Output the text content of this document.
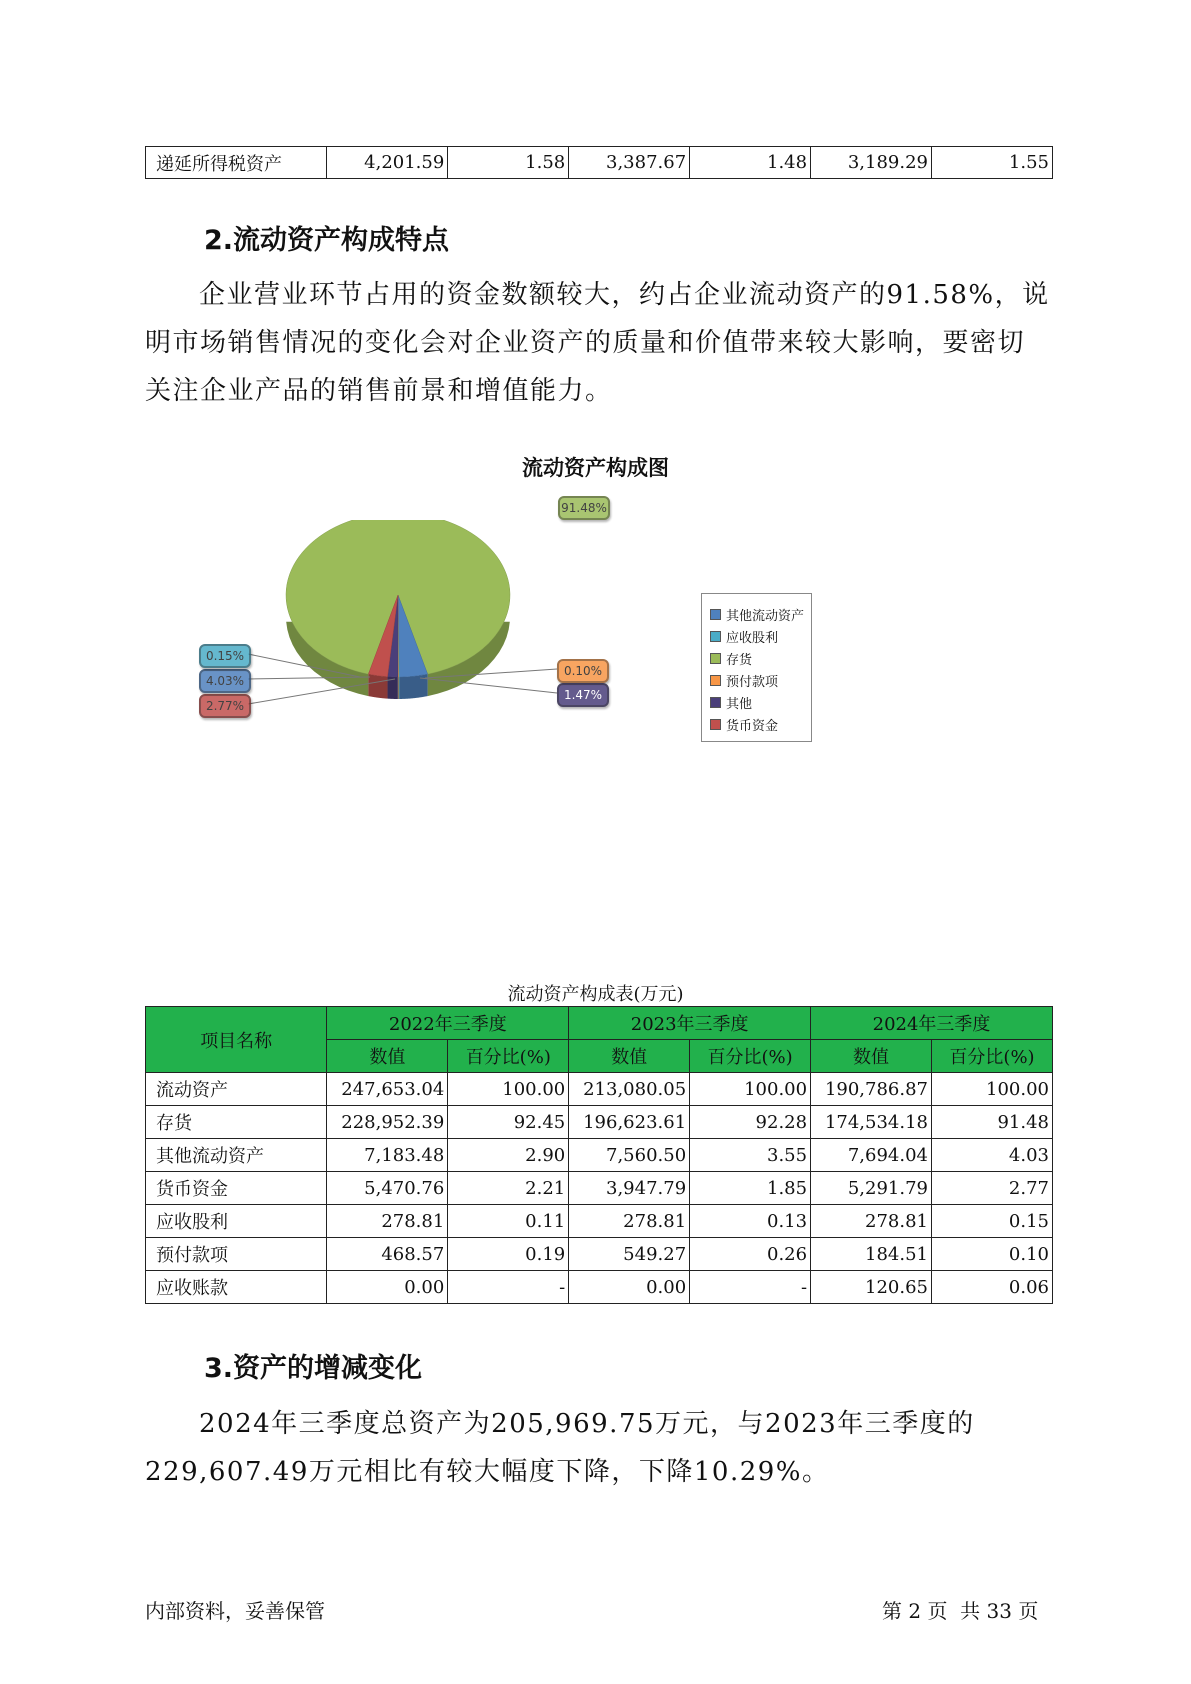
递延所得税资产	4,201.59	1.58	3,387.67	1.48	3,189.29	1.55
2.流动资产构成特点

企业营业环节占用的资金数额较大，约占企业流动资产的91.58%，说明市场销售情况的变化会对企业资产的质量和价值带来较大影响，要密切关注企业产品的销售前景和增值能力。

流动资产构成图
其他流动资产
应收股利
存货
预付款项
其他
货币资金
4.03%
0.15%
91.48%
0.10%
1.47%
2.77%
流动资产构成表(万元)
项目名称	2022年三季度		2023年三季度		2024年三季度	
	数值	百分比(%)	数值	百分比(%)	数值	百分比(%)
流动资产	247,653.04	100.00	213,080.05	100.00	190,786.87	100.00
存货	228,952.39	92.45	196,623.61	92.28	174,534.18	91.48
其他流动资产	7,183.48	2.90	7,560.50	3.55	7,694.04	4.03
货币资金	5,470.76	2.21	3,947.79	1.85	5,291.79	2.77
应收股利	278.81	0.11	278.81	0.13	278.81	0.15
预付款项	468.57	0.19	549.27	0.26	184.51	0.10
应收账款	0.00	-	0.00	-	120.65	0.06
3.资产的增减变化

2024年三季度总资产为205,969.75万元，与2023年三季度的229,607.49万元相比有较大幅度下降，下降10.29%。

内部资料，妥善保管	第 2 页  共 33 页
